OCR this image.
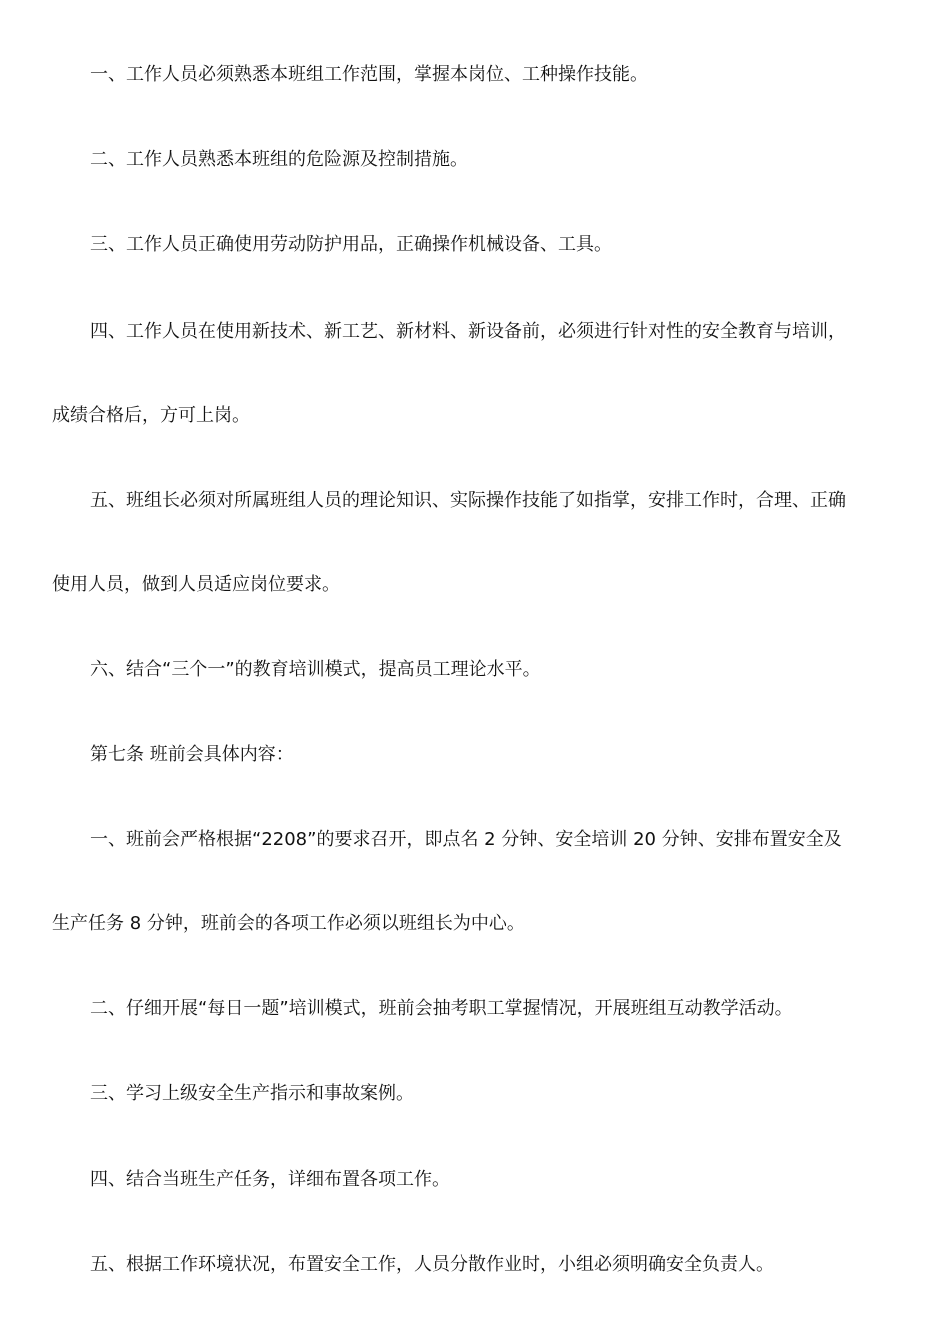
一、工作人员必须熟悉本班组工作范围，掌握本岗位、工种操作技能。
二、工作人员熟悉本班组的危险源及控制措施。
三、工作人员正确使用劳动防护用品，正确操作机械设备、工具。
四、工作人员在使用新技术、新工艺、新材料、新设备前，必须进行针对性的安全教育与培训，
成绩合格后，方可上岗。
五、班组长必须对所属班组人员的理论知识、实际操作技能了如指掌，安排工作时，合理、正确
使用人员，做到人员适应岗位要求。
六、结合“三个一”的教育培训模式，提高员工理论水平。
第七条 班前会具体内容：
一、班前会严格根据“2208”的要求召开，即点名 2 分钟、安全培训 20 分钟、安排布置安全及
生产任务 8 分钟，班前会的各项工作必须以班组长为中心。
二、仔细开展“每日一题”培训模式，班前会抽考职工掌握情况，开展班组互动教学活动。
三、学习上级安全生产指示和事故案例。
四、结合当班生产任务，详细布置各项工作。
五、根据工作环境状况，布置安全工作，人员分散作业时，小组必须明确安全负责人。
